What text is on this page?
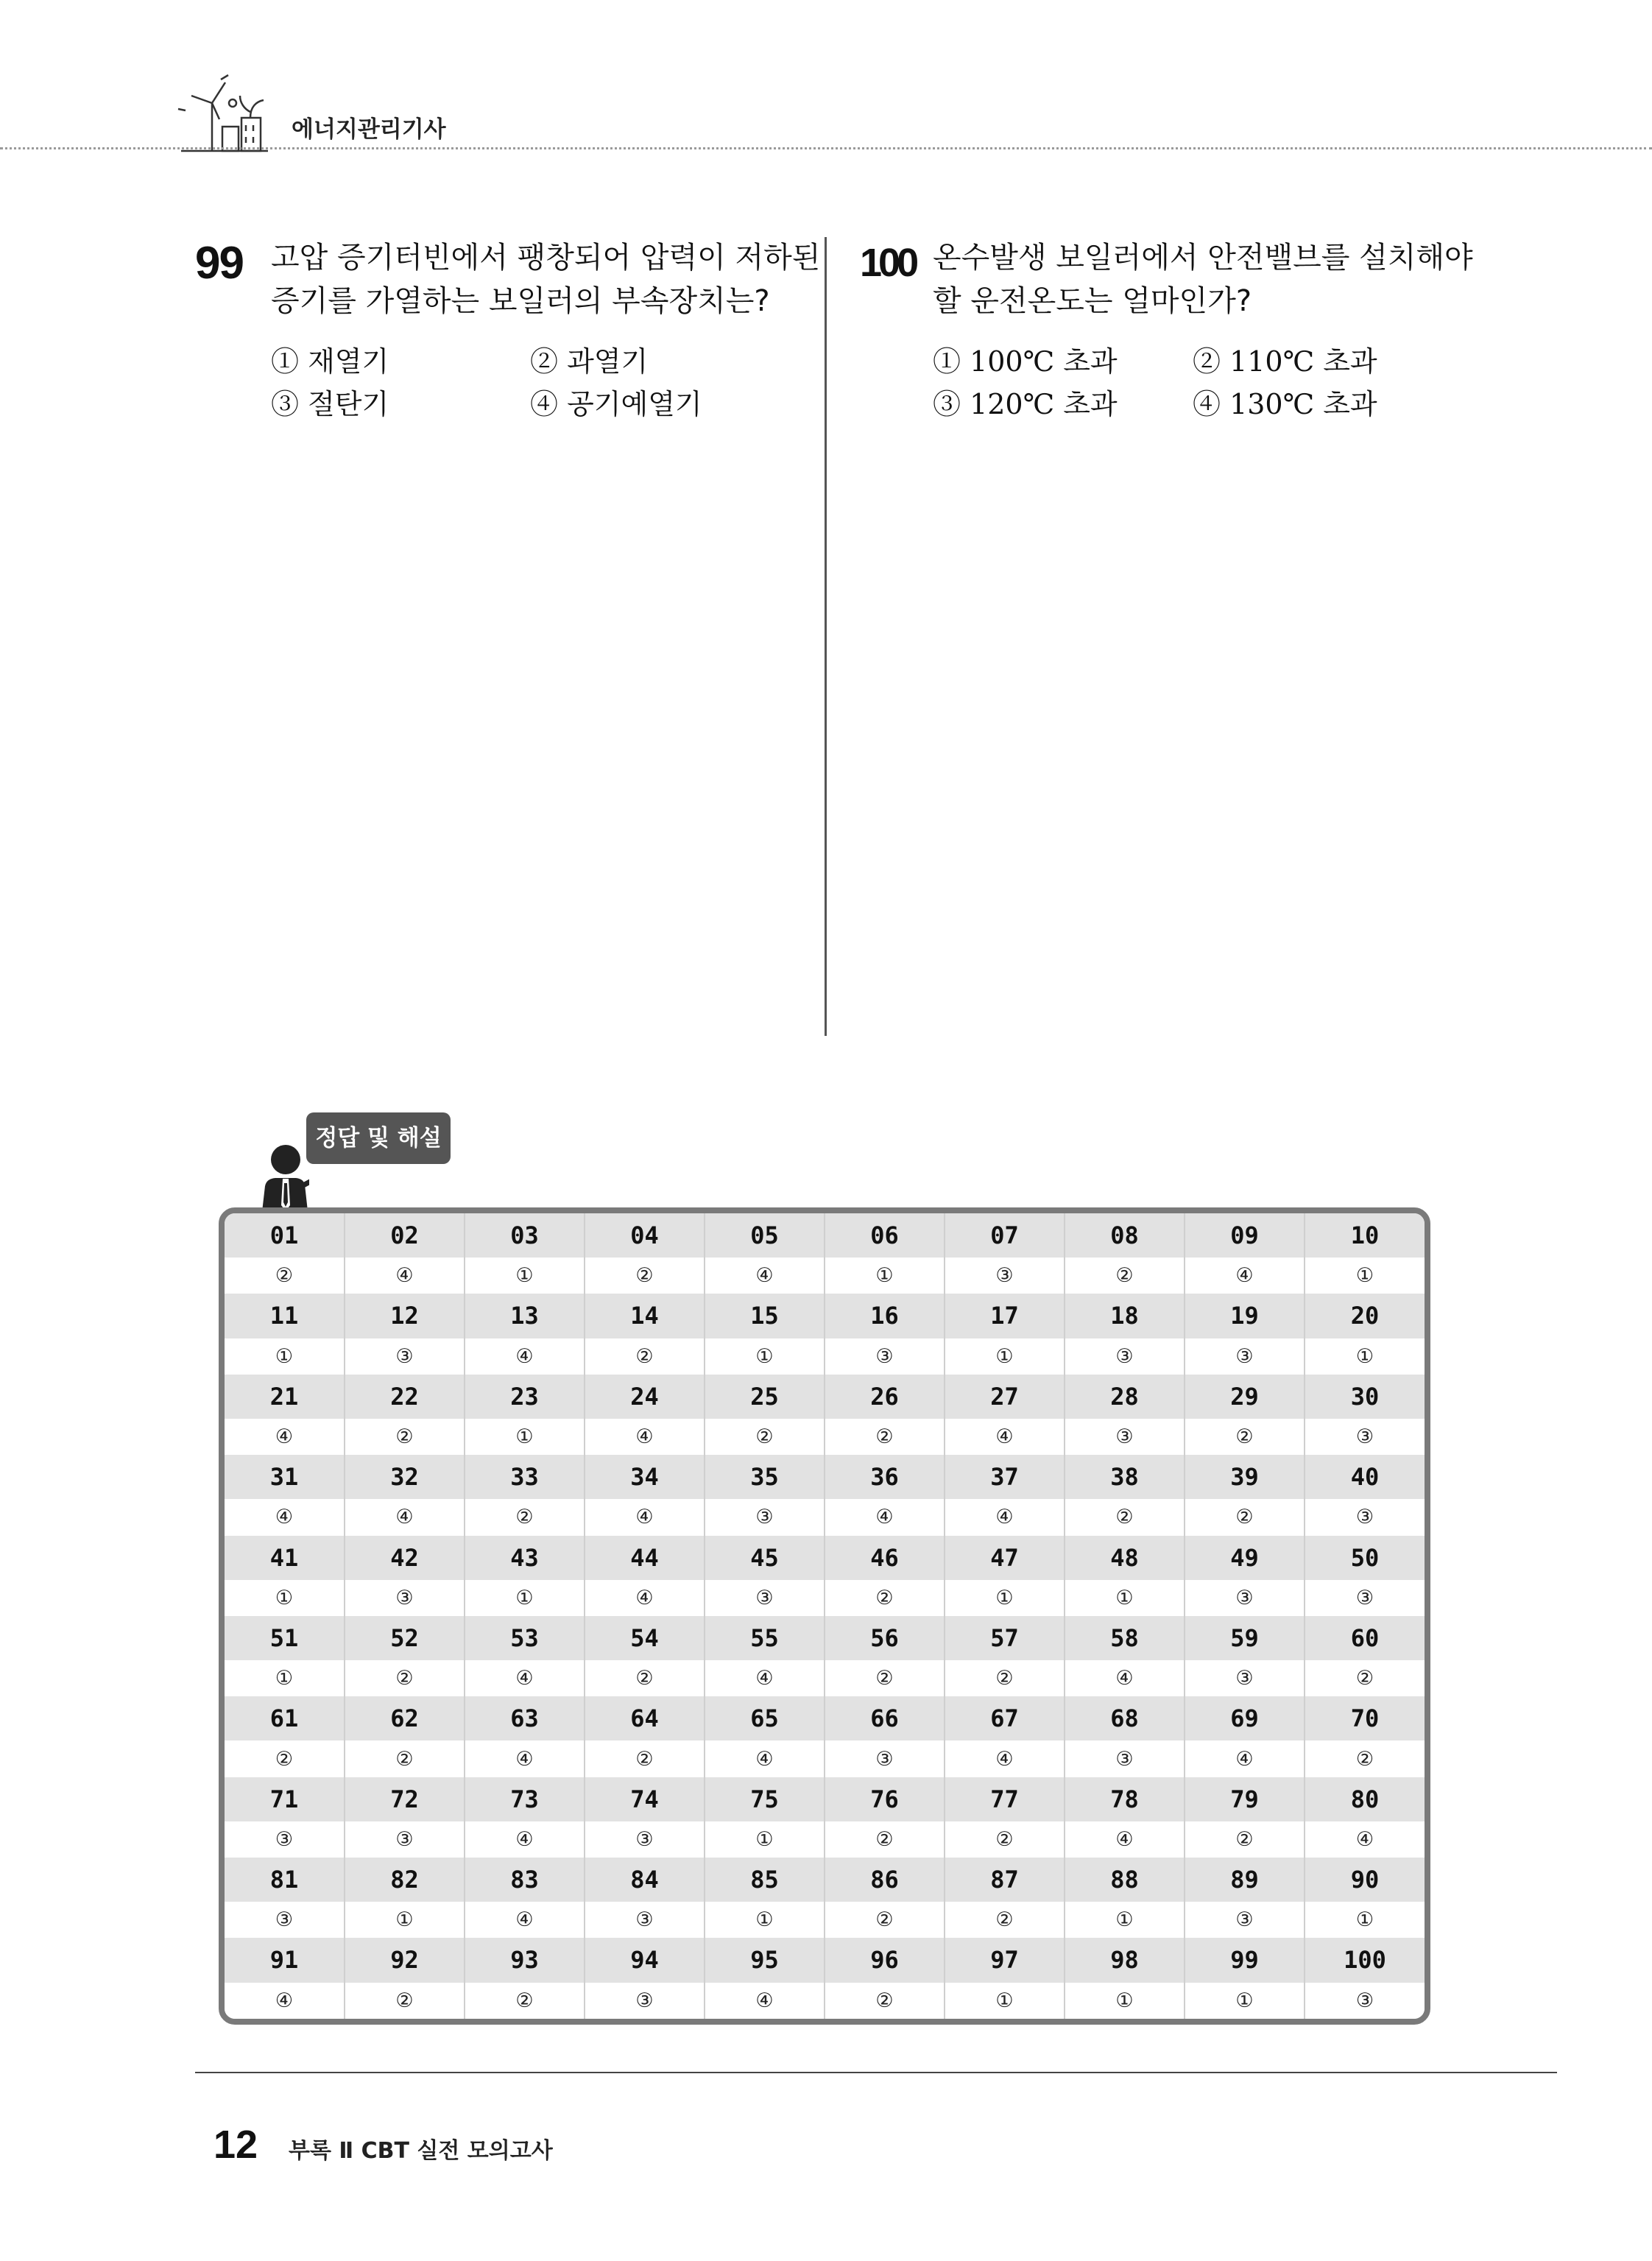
에너지관리기사
99 고압 증기터빈에서 팽창되어 압력이 저하된
증기를 가열하는 보일러의 부속장치는?
① 재열기	② 과열기
③ 절탄기	④ 공기예열기
100 온수발생 보일러에서 안전밸브를 설치해야
할 운전온도는 얼마인가?
① 100℃ 초과	② 110℃ 초과
③ 120℃ 초과	④ 130℃ 초과
정답 및 해설
01	02	03	04	05	06	07	08	09	10
②	④	①	②	④	①	③	②	④	①
11	12	13	14	15	16	17	18	19	20
①	③	④	②	①	③	①	③	③	①
21	22	23	24	25	26	27	28	29	30
④	②	①	④	②	②	④	③	②	③
31	32	33	34	35	36	37	38	39	40
④	④	②	④	③	④	④	②	②	③
41	42	43	44	45	46	47	48	49	50
①	③	①	④	③	②	①	①	③	③
51	52	53	54	55	56	57	58	59	60
①	②	④	②	④	②	②	④	③	②
61	62	63	64	65	66	67	68	69	70
②	②	④	②	④	③	④	③	④	②
71	72	73	74	75	76	77	78	79	80
③	③	④	③	①	②	②	④	②	④
81	82	83	84	85	86	87	88	89	90
③	①	④	③	①	②	②	①	③	①
91	92	93	94	95	96	97	98	99	100
④	②	②	③	④	②	①	①	①	③
12 부록 Ⅱ CBT 실전 모의고사
